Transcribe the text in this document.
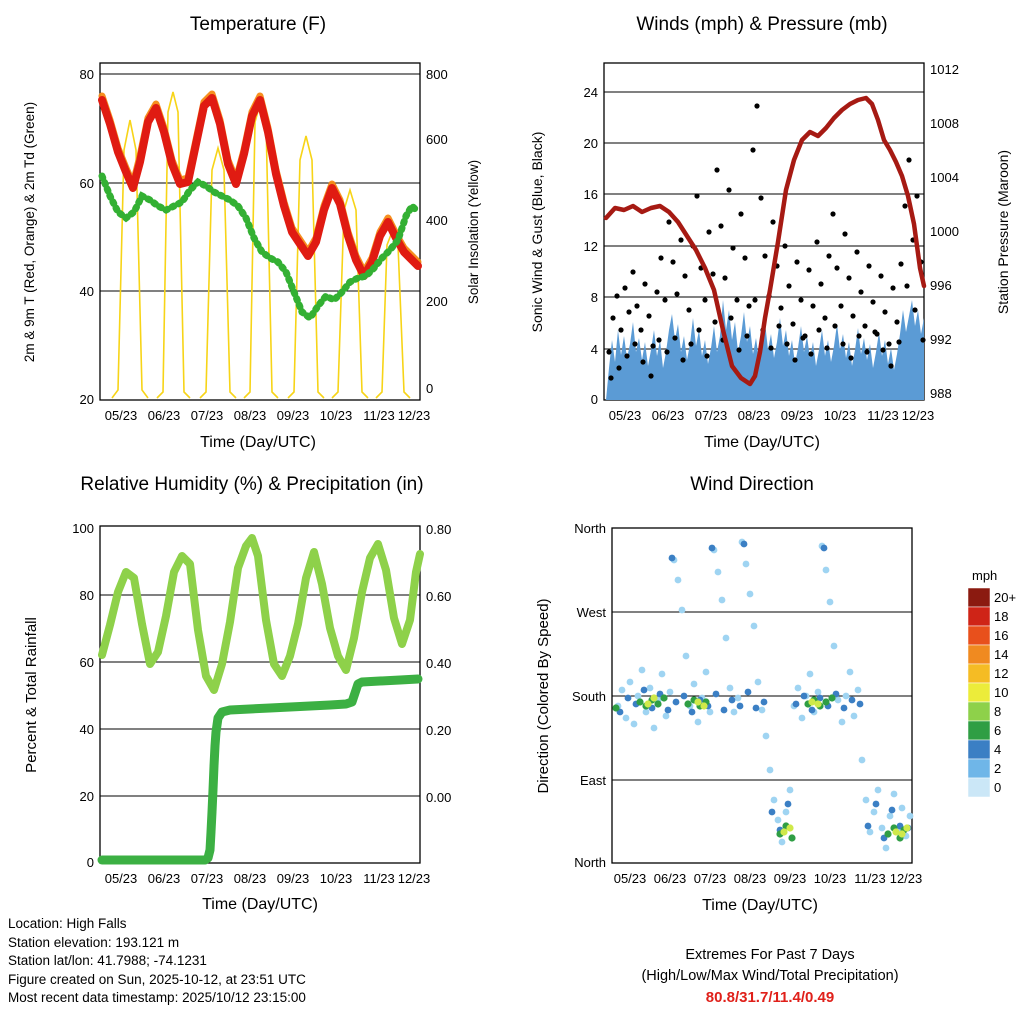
Temperature (F)
80
60
40
20
800
600
400
200
0
05/23 06/23 07/23 08/23 09/23 10/23 11/23 12/23
Time (Day/UTC)
2m & 9m T (Red, Orange) & 2m Td (Green)	Solar Insolation (Yellow)
Winds (mph) & Pressure (mb)
24
20
16
12
8
4
0
1012
1008
1004
1000
996
992
988
05/23 06/23 07/23 08/23 09/23 10/23 11/23 12/23
Time (Day/UTC)
Sonic Wind & Gust (Blue, Black)	Station Pressure (Maroon)
Relative Humidity (%) & Precipitation (in)
100
80
60
40
20
0
0.80
0.60
0.40
0.20
0.00
05/23 06/23 07/23 08/23 09/23 10/23 11/23 12/23
Time (Day/UTC)
Percent & Total Rainfall
Wind Direction
North
West
South
East
North
05/23 06/23 07/23 08/23 09/23 10/23 11/23 12/23
Time (Day/UTC)
Direction (Colored By Speed)
mph
20+
18
16
14
12
10
8
6
4
2
0
Location: High Falls
Station elevation: 193.121 m
Station lat/lon: 41.7988; -74.1231
Figure created on Sun, 2025-10-12, at 23:51 UTC
Most recent data timestamp: 2025/10/12 23:15:00
Extremes For Past 7 Days
(High/Low/Max Wind/Total Precipitation)
80.8/31.7/11.4/0.49
